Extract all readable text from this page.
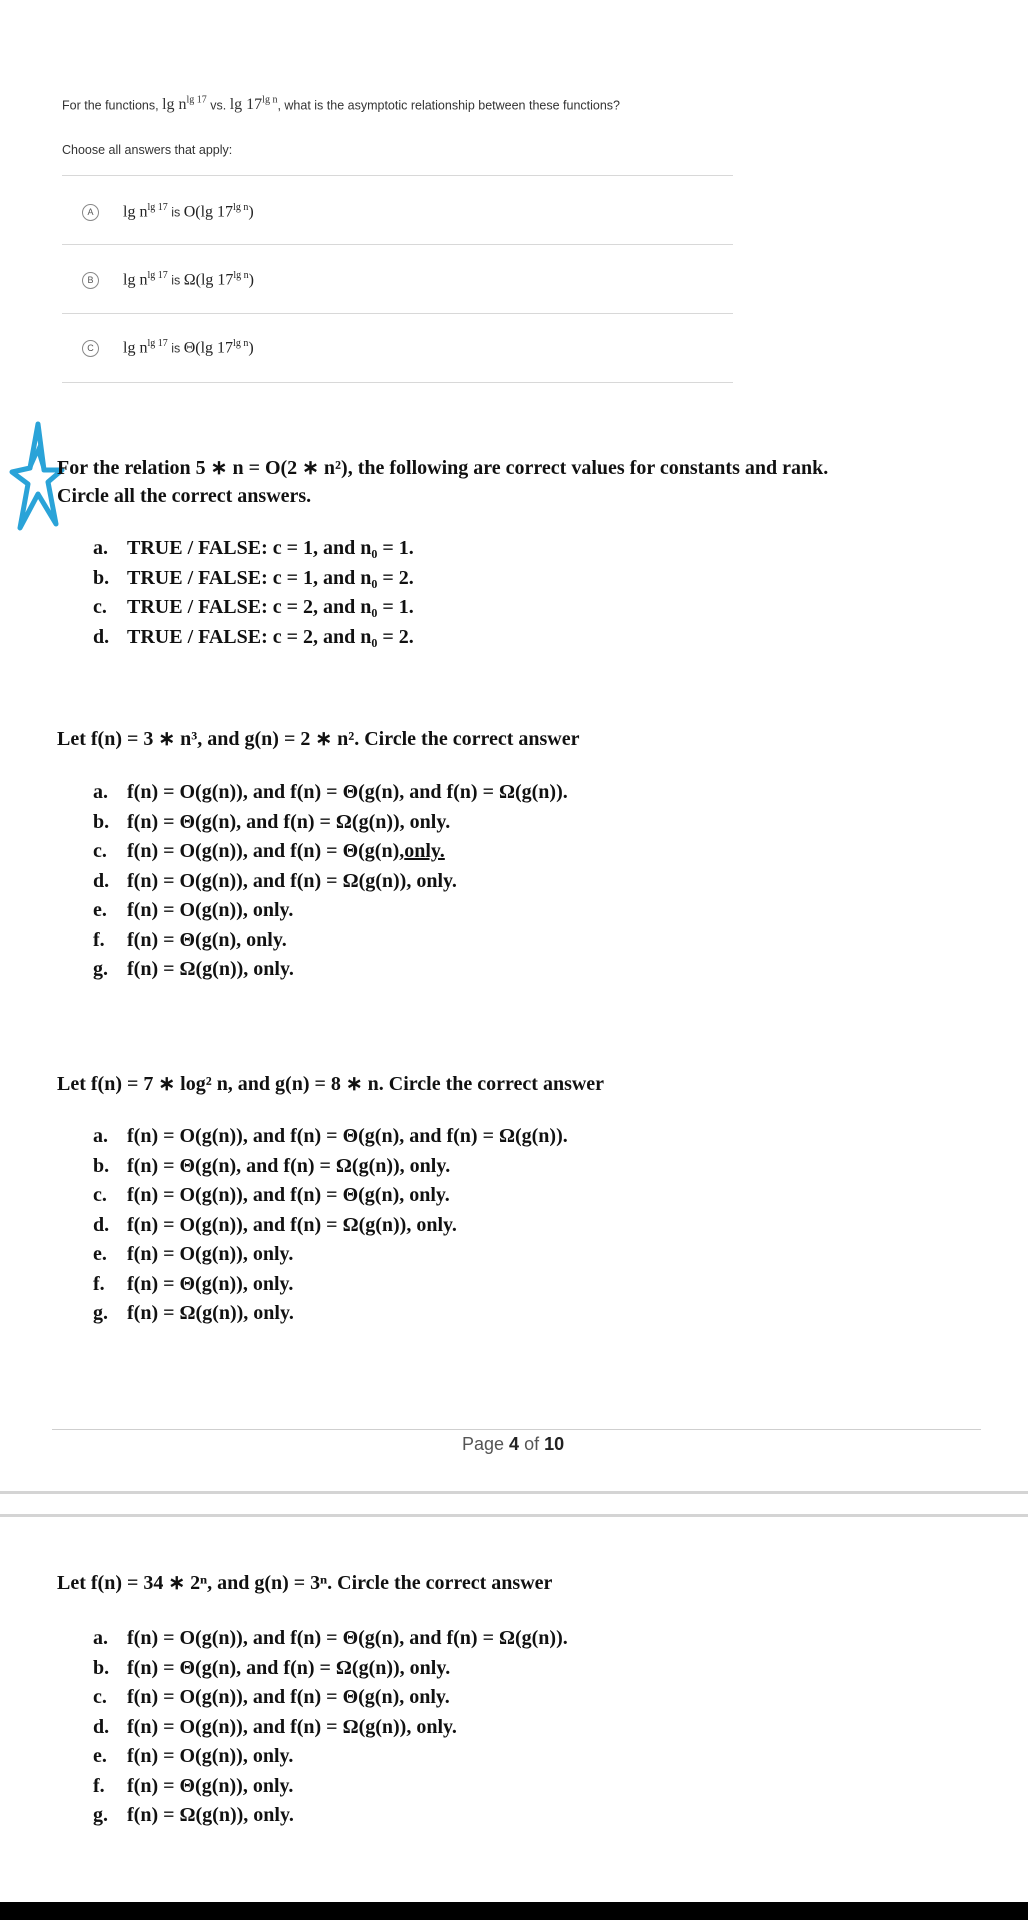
For the functions, $\lg n^{lg 17}$ vs. $\lg 17^{lg n}$, what is the asymptotic relationship between these functions?
Choose all answers that apply:
A	$\lg n^{lg 17}$ is O(lg $17^{lg n}$)
B	$\lg n^{lg 17}$ is Ω(lg $17^{lg n}$)
C	$\lg n^{lg 17}$ is Θ(lg $17^{lg n}$)
For the relation 5 ∗ n = O(2 ∗ n²), the following are correct values for constants and rank.
Circle all the correct answers.
a. TRUE / FALSE: c = 1, and n₀ = 1.
b. TRUE / FALSE: c = 1, and n₀ = 2.
c.	TRUE / FALSE: c = 2, and n₀ = 1.
d. TRUE / FALSE: c = 2, and n₀ = 2.
Let f(n) = 3 ∗ n³, and g(n) = 2 ∗ n². Circle the correct answer
a. f(n) = O(g(n)), and f(n) = Θ(g(n), and f(n) = Ω(g(n)).
b. f(n) = Θ(g(n), and f(n) = Ω(g(n)), only.
c.	f(n) = O(g(n)), and f(n) = Θ(g(n), only.
d. f(n) = O(g(n)), and f(n) = Ω(g(n)), only.
e.	f(n) = O(g(n)), only.
f.	f(n) = Θ(g(n), only.
g. f(n) = Ω(g(n)), only.
Let f(n) = 7 ∗ log² n, and g(n) = 8 ∗ n. Circle the correct answer
a. f(n) = O(g(n)), and f(n) = Θ(g(n), and f(n) = Ω(g(n)).
b. f(n) = Θ(g(n), and f(n) = Ω(g(n)), only.
c.	f(n) = O(g(n)), and f(n) = Θ(g(n), only.
d. f(n) = O(g(n)), and f(n) = Ω(g(n)), only.
e.	f(n) = O(g(n)), only.
f.	f(n) = Θ(g(n)), only.
g. f(n) = Ω(g(n)), only.
Page 4 of 10
Let f(n) = 34 ∗ 2ⁿ, and g(n) = 3ⁿ. Circle the correct answer
a. f(n) = O(g(n)), and f(n) = Θ(g(n), and f(n) = Ω(g(n)).
b. f(n) = Θ(g(n), and f(n) = Ω(g(n)), only.
c.	f(n) = O(g(n)), and f(n) = Θ(g(n), only.
d. f(n) = O(g(n)), and f(n) = Ω(g(n)), only.
e.	f(n) = O(g(n)), only.
f.	f(n) = Θ(g(n)), only.
g. f(n) = Ω(g(n)), only.
